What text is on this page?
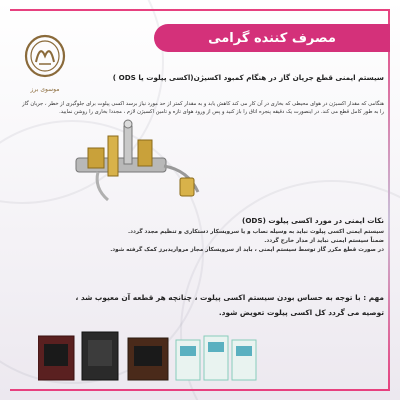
مصرف کننده گرامی
موسوی برز
سیستم ایمنی قطع جریان گاز در هنگام کمبود اکسیژن(اکسی پیلوت یا ODS )
هنگامی که مقدار اکسیژن در هوای محیطی که بخاری در آن کار می کند کاهش یابد و به مقدار کمتر از حد مورد نیاز برسد اکسی پیلوت برای جلوگیری از خطر ، جریان گاز را به طور کامل قطع می کند. در اینصورت یک دقیقه پنجره اتاق را باز کنید و پس از ورود هوای تازه و تامین اکسیژن لازم ، مجددا بخاری را روشن نمایید.
نکات ایمنی در مورد اکسی پیلوت (ODS)
سیستم ایمنی اکسی پیلوت نباید به وسیله نصاب و یا سرویسکار دستکاری و تنظیم مجدد گردد.
ضمناً سیستم ایمنی نباید از مدار خارج گردد.
در صورت قطع مکرر گاز توسط سیستم ایمنی ، باید از سرویسکار مجاز مرواریدبرز کمک گرفته شود.
مهم : با توجه به حساس بودن سیستم اکسی پیلوت ، چنانچه هر قطعه آن معیوب شد ،
توصیه می گردد کل اکسی پیلوت تعویض شود.
